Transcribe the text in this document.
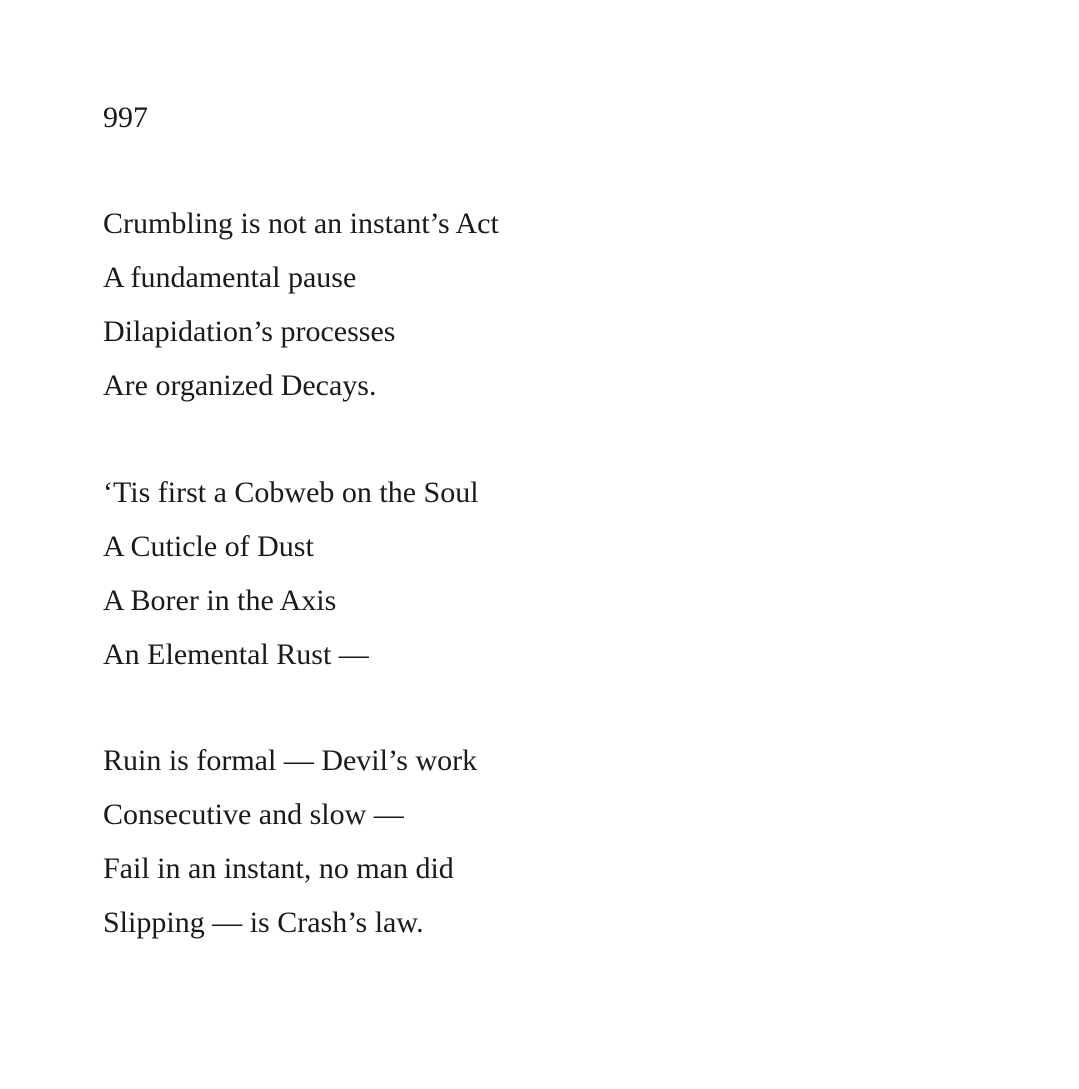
997
Crumbling is not an instant’s Act
A fundamental pause
Dilapidation’s processes
Are organized Decays.
‘Tis first a Cobweb on the Soul
A Cuticle of Dust
A Borer in the Axis
An Elemental Rust —
Ruin is formal — Devil’s work
Consecutive and slow —
Fail in an instant, no man did
Slipping — is Crash’s law.
